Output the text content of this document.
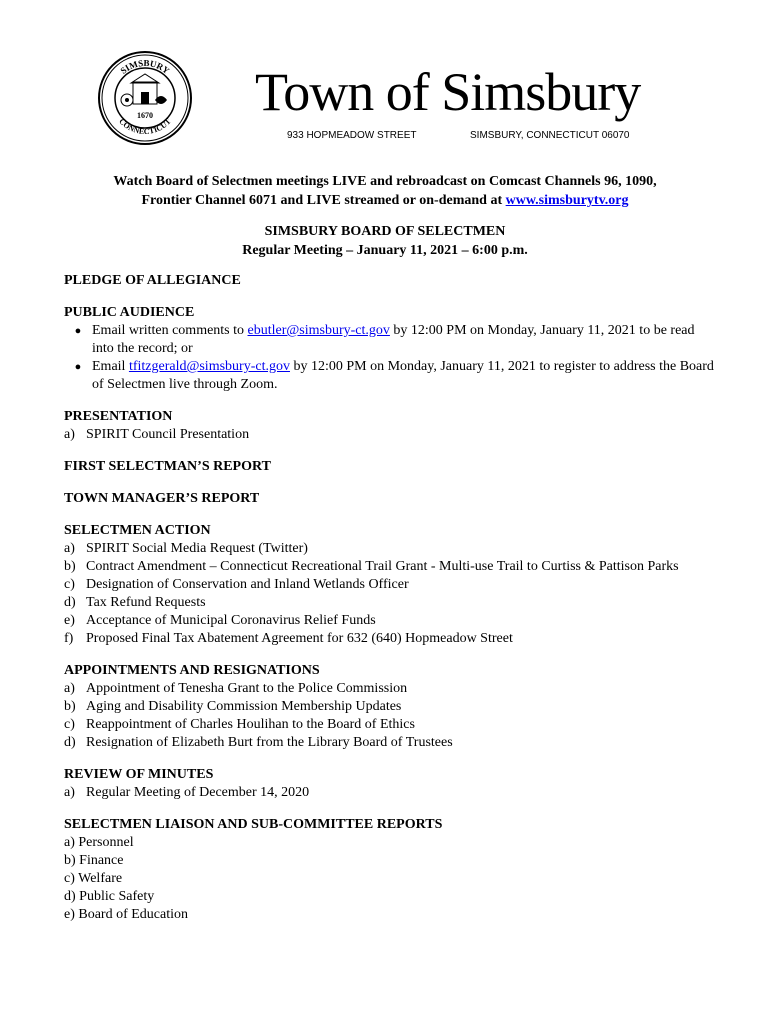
SIMSBURY
CONNECTICUT
1670 Town of Simsbury
933 HOPMEADOW STREET	SIMSBURY, CONNECTICUT 06070
Watch Board of Selectmen meetings LIVE and rebroadcast on Comcast Channels 96, 1090,
Frontier Channel 6071 and LIVE streamed or on-demand at www.simsburytv.org
SIMSBURY BOARD OF SELECTMEN
Regular Meeting – January 11, 2021 – 6:00 p.m.

PLEDGE OF ALLEGIANCE

PUBLIC AUDIENCE

● Email written comments to ebutler@simsbury-ct.gov by 12:00 PM on Monday, January 11, 2021 to be read into the record; or
● Email tfitzgerald@simsbury-ct.gov by 12:00 PM on Monday, January 11, 2021 to register to address the Board of Selectmen live through Zoom.

PRESENTATION

a) SPIRIT Council Presentation

FIRST SELECTMAN’S REPORT

TOWN MANAGER’S REPORT

SELECTMEN ACTION

a) SPIRIT Social Media Request (Twitter)
b) Contract Amendment – Connecticut Recreational Trail Grant - Multi-use Trail to Curtiss & Pattison Parks
c) Designation of Conservation and Inland Wetlands Officer
d) Tax Refund Requests
e) Acceptance of Municipal Coronavirus Relief Funds
f) Proposed Final Tax Abatement Agreement for 632 (640) Hopmeadow Street

APPOINTMENTS AND RESIGNATIONS

a) Appointment of Tenesha Grant to the Police Commission
b) Aging and Disability Commission Membership Updates
c) Reappointment of Charles Houlihan to the Board of Ethics
d) Resignation of Elizabeth Burt from the Library Board of Trustees

REVIEW OF MINUTES

a) Regular Meeting of December 14, 2020

SELECTMEN LIAISON AND SUB-COMMITTEE REPORTS

a) Personnel

b) Finance

c) Welfare

d) Public Safety

e) Board of Education
